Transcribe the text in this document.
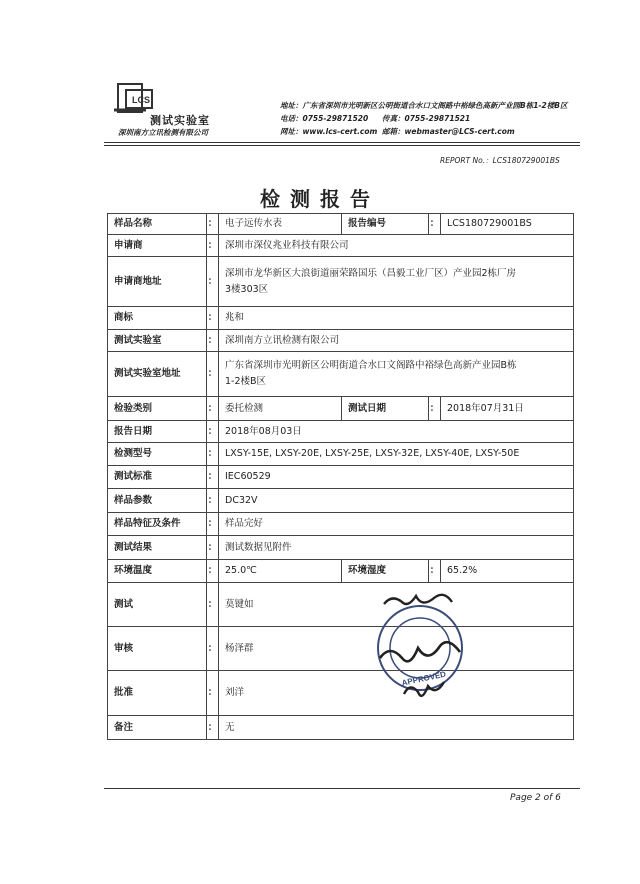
LCS
测试实验室
深圳南方立讯检测有限公司
地址：广东省深圳市光明新区公明街道合水口文阁路中裕绿色高新产业园B栋1-2楼B区
电话：0755-29871520 传真：0755-29871521
网址：www.lcs-cert.com 邮箱：webmaster@LCS-cert.com
REPORT No.：LCS180729001BS
检测报告
样品名称	：	电子远传水表	报告编号	：	LCS180729001BS
申请商	：	深圳市深仪兆业科技有限公司			
申请商地址	：	深圳市龙华新区大浪街道丽荣路国乐（昌毅工业厂区）产业园2栋厂房
3楼303区			

商标	：	兆和			
测试实验室	：	深圳南方立讯检测有限公司			
测试实验室地址	：	广东省深圳市光明新区公明街道合水口文阁路中裕绿色高新产业园B栋
1-2楼B区			

检验类别	：	委托检测	测试日期	：	2018年07月31日
报告日期	：	2018年08月03日			
检测型号	：	LXSY-15E, LXSY-20E, LXSY-25E, LXSY-32E, LXSY-40E, LXSY-50E			
测试标准	：	IEC60529			
样品参数	：	DC32V			
样品特征及条件	：	样品完好			
测试结果	：	测试数据见附件			
环境温度	：	25.0℃	环境湿度	：	65.2%
测试	：	莫键如			
审核	：	杨泽群			
批准	：	刘洋			
备注	：	无			
APPROVED
Page 2 of 6
